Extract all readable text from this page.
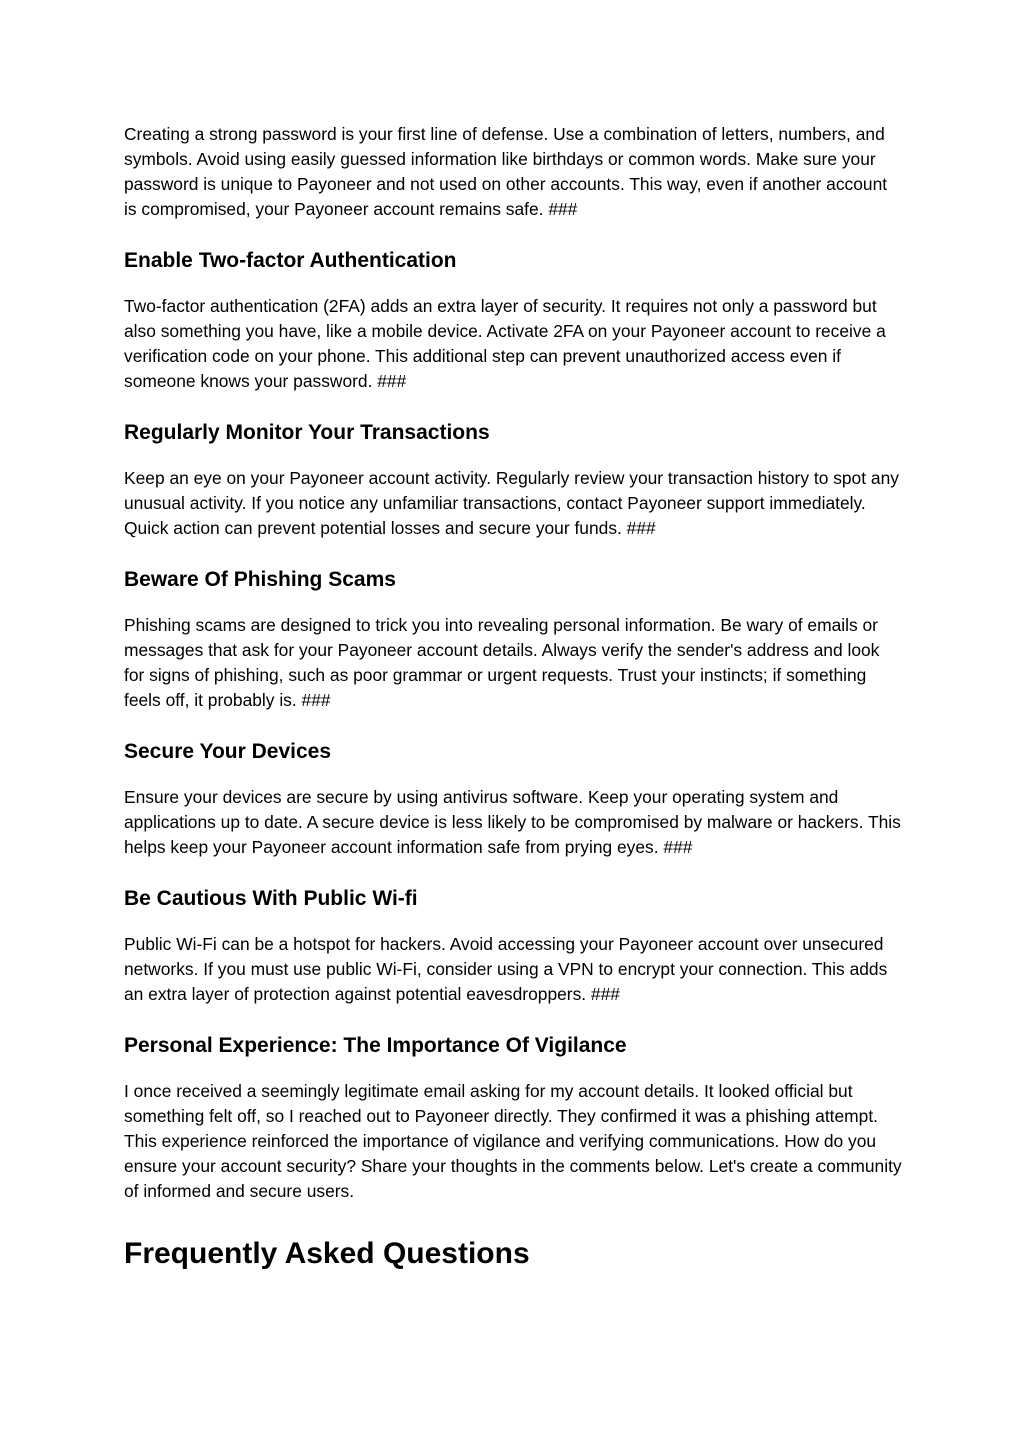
Creating a strong password is your first line of defense. Use a combination of letters, numbers, and symbols. Avoid using easily guessed information like birthdays or common words. Make sure your password is unique to Payoneer and not used on other accounts. This way, even if another account is compromised, your Payoneer account remains safe. ###

Enable Two-factor Authentication

Two-factor authentication (2FA) adds an extra layer of security. It requires not only a password but also something you have, like a mobile device. Activate 2FA on your Payoneer account to receive a verification code on your phone. This additional step can prevent unauthorized access even if someone knows your password. ###

Regularly Monitor Your Transactions

Keep an eye on your Payoneer account activity. Regularly review your transaction history to spot any unusual activity. If you notice any unfamiliar transactions, contact Payoneer support immediately. Quick action can prevent potential losses and secure your funds. ###

Beware Of Phishing Scams

Phishing scams are designed to trick you into revealing personal information. Be wary of emails or messages that ask for your Payoneer account details. Always verify the sender's address and look for signs of phishing, such as poor grammar or urgent requests. Trust your instincts; if something feels off, it probably is. ###

Secure Your Devices

Ensure your devices are secure by using antivirus software. Keep your operating system and applications up to date. A secure device is less likely to be compromised by malware or hackers. This helps keep your Payoneer account information safe from prying eyes. ###

Be Cautious With Public Wi-fi

Public Wi-Fi can be a hotspot for hackers. Avoid accessing your Payoneer account over unsecured networks. If you must use public Wi-Fi, consider using a VPN to encrypt your connection. This adds an extra layer of protection against potential eavesdroppers. ###

Personal Experience: The Importance Of Vigilance

I once received a seemingly legitimate email asking for my account details. It looked official but something felt off, so I reached out to Payoneer directly. They confirmed it was a phishing attempt. This experience reinforced the importance of vigilance and verifying communications. How do you ensure your account security? Share your thoughts in the comments below. Let's create a community of informed and secure users.

Frequently Asked Questions
